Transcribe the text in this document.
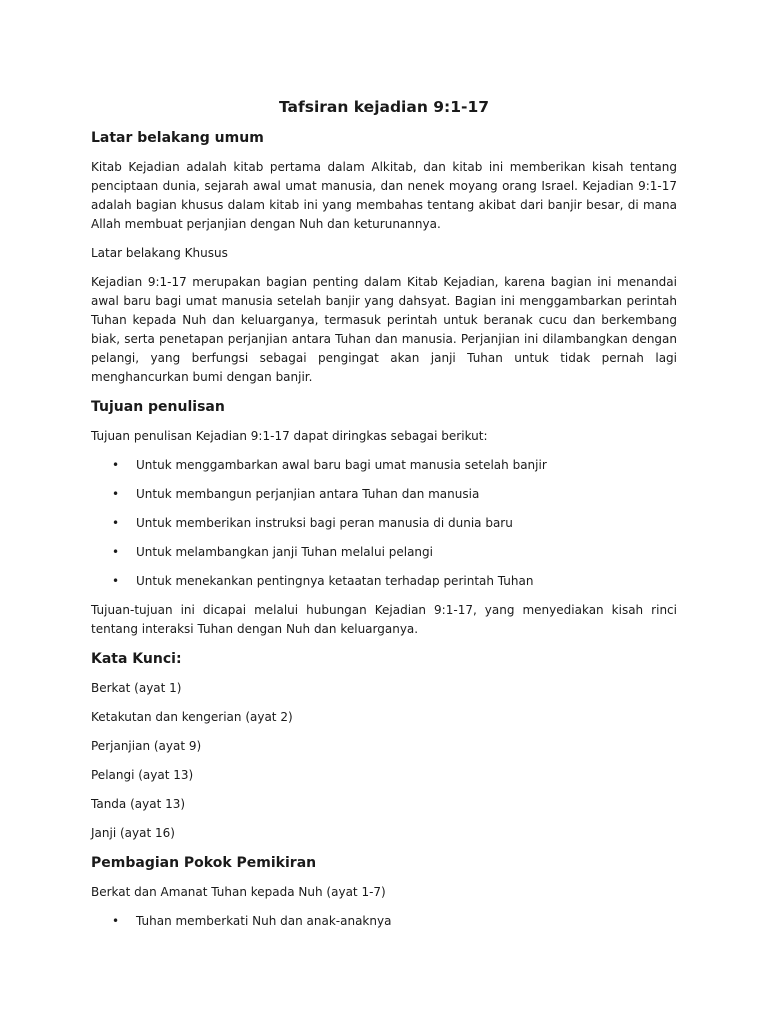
Tafsiran kejadian 9:1-17
Latar belakang umum

Kitab Kejadian adalah kitab pertama dalam Alkitab, dan kitab ini memberikan kisah tentang penciptaan dunia, sejarah awal umat manusia, dan nenek moyang orang Israel. Kejadian 9:1-17 adalah bagian khusus dalam kitab ini yang membahas tentang akibat dari banjir besar, di mana Allah membuat perjanjian dengan Nuh dan keturunannya.

Latar belakang Khusus

Kejadian 9:1-17 merupakan bagian penting dalam Kitab Kejadian, karena bagian ini menandai awal baru bagi umat manusia setelah banjir yang dahsyat. Bagian ini menggambarkan perintah Tuhan kepada Nuh dan keluarganya, termasuk perintah untuk beranak cucu dan berkembang biak, serta penetapan perjanjian antara Tuhan dan manusia. Perjanjian ini dilambangkan dengan pelangi, yang berfungsi sebagai pengingat akan janji Tuhan untuk tidak pernah lagi menghancurkan bumi dengan banjir.

Tujuan penulisan

Tujuan penulisan Kejadian 9:1-17 dapat diringkas sebagai berikut:

• Untuk menggambarkan awal baru bagi umat manusia setelah banjir
• Untuk membangun perjanjian antara Tuhan dan manusia
• Untuk memberikan instruksi bagi peran manusia di dunia baru
• Untuk melambangkan janji Tuhan melalui pelangi
• Untuk menekankan pentingnya ketaatan terhadap perintah Tuhan

Tujuan-tujuan ini dicapai melalui hubungan Kejadian 9:1-17, yang menyediakan kisah rinci tentang interaksi Tuhan dengan Nuh dan keluarganya.

Kata Kunci:

Berkat (ayat 1)

Ketakutan dan kengerian (ayat 2)

Perjanjian (ayat 9)

Pelangi (ayat 13)

Tanda (ayat 13)

Janji (ayat 16)

Pembagian Pokok Pemikiran

Berkat dan Amanat Tuhan kepada Nuh (ayat 1-7)

• Tuhan memberkati Nuh dan anak-anaknya
